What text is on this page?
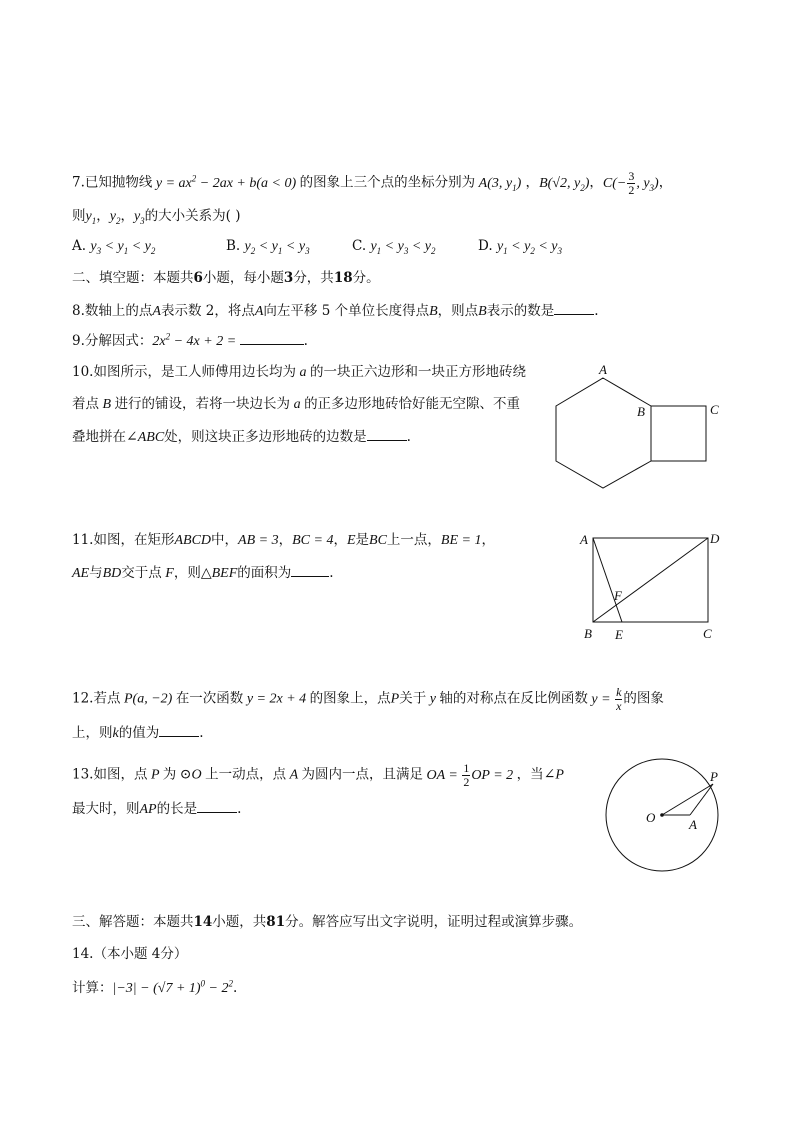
7.已知抛物线 $y = ax^2 - 2ax + b(a < 0)$ 的图象上三个点的坐标分别为 A(3, $y_1$) ，B(√2, $y_2$)，$C(- \frac{3}{2}$ , $y_3$)，
则$y_1$，$y_2$，$y_3$的大小关系为( )
A. $y_3 < y_1 < y_2$	B. $y_2 < y_1 < y_3$	C. $y_1 < y_3 < y_2$	D. $y_1 < y_2 < y_3$
二、填空题：本题共6小题，每小题3分，共18分。
8.数轴上的点A表示数 2，将点A向左平移 5 个单位长度得点B，则点B表示的数是	.
9.分解因式：$2x^2 - 4x + 2$ =	.
10.如图所示，是工人师傅用边长均为 a 的一块正六边形和一块正方形地砖绕
着点 B 进行的铺设，若将一块边长为 a 的正多边形地砖恰好能无空隙、不重
叠地拼在∠ABC处，则这块正多边形地砖的边数是	.
A
B	C
11.如图，在矩形ABCD中，AB = 3，BC = 4，E是BC上一点，BE = 1，
AE与BD交于点 F，则△BEF的面积为	.
A	D
F
B E	C
12.若点 P(a, −2) 在一次函数 y = 2x + 4 的图象上，点P关于 y 轴的对称点在反比例函数 $y = \frac{k}{x}$ 的图象
上，则k的值为	.
13.如图，点 P 为 ⊙O 上一动点，点 A 为圆内一点，且满足 OA = $\frac{1}{2}$ OP = 2 ，当∠P
最大时，则AP的长是	.
P
O	A
三、解答题：本题共14小题，共81分。解答应写出文字说明，证明过程或演算步骤。
14.（本小题 4分）
计算：$|-3| - (√7 + 1)^0 - 2^2$.
